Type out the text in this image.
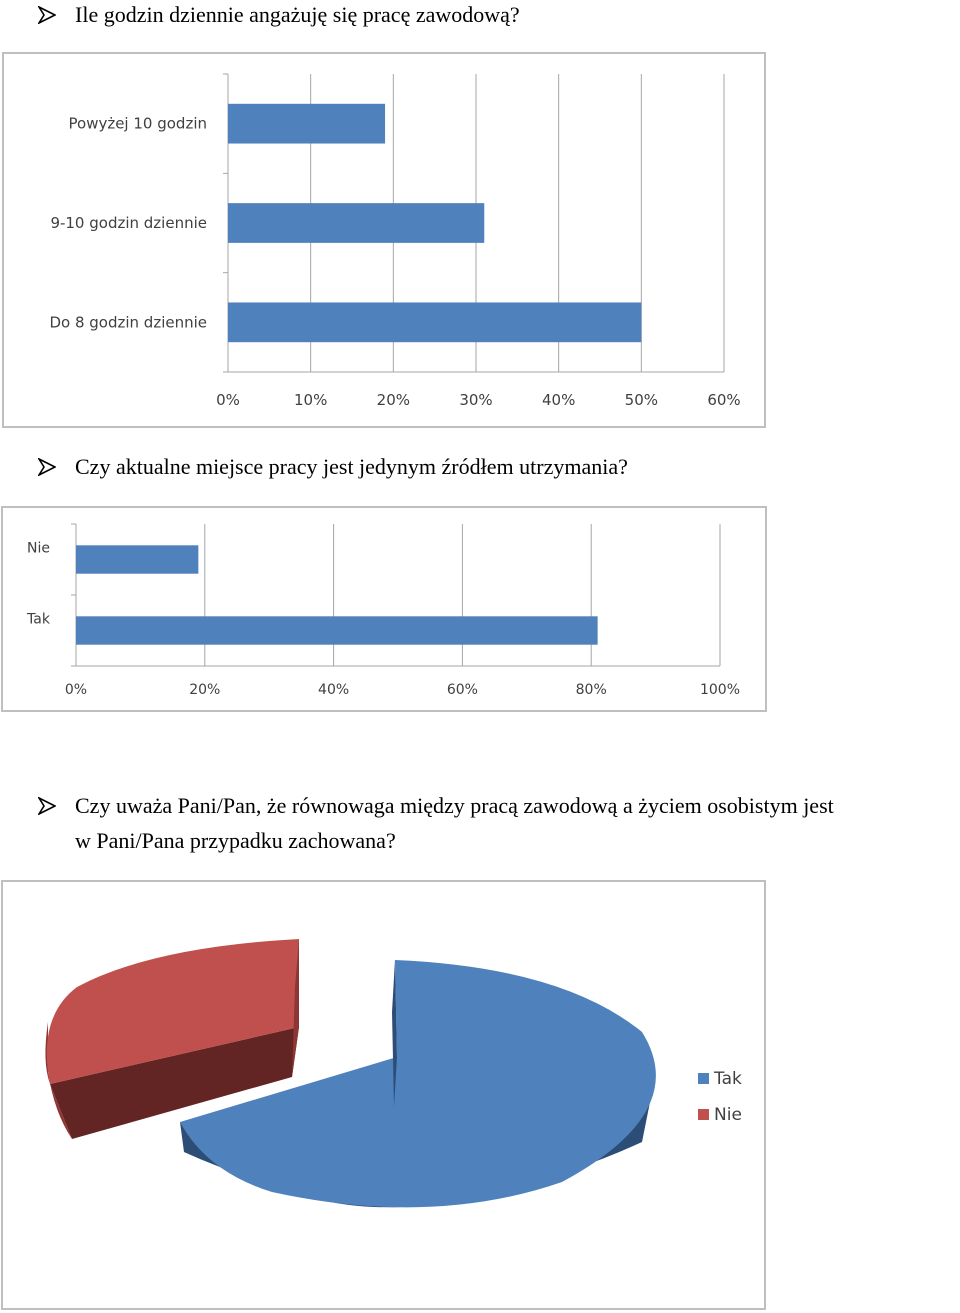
Ile godzin dziennie angażuję się pracę zawodową?
0%	10%	20%	30%	40%	50%	60%
Powyżej 10 godzin
9-10 godzin dziennie
Do 8 godzin dziennie
Czy aktualne miejsce pracy jest jedynym źródłem utrzymania?
0%	20%	40%	60%	80%	100%
Nie
Tak
Czy uważa Pani/Pan, że równowaga między pracą zawodową a życiem osobistym jest
w Pani/Pana przypadku zachowana?
Tak
Nie
